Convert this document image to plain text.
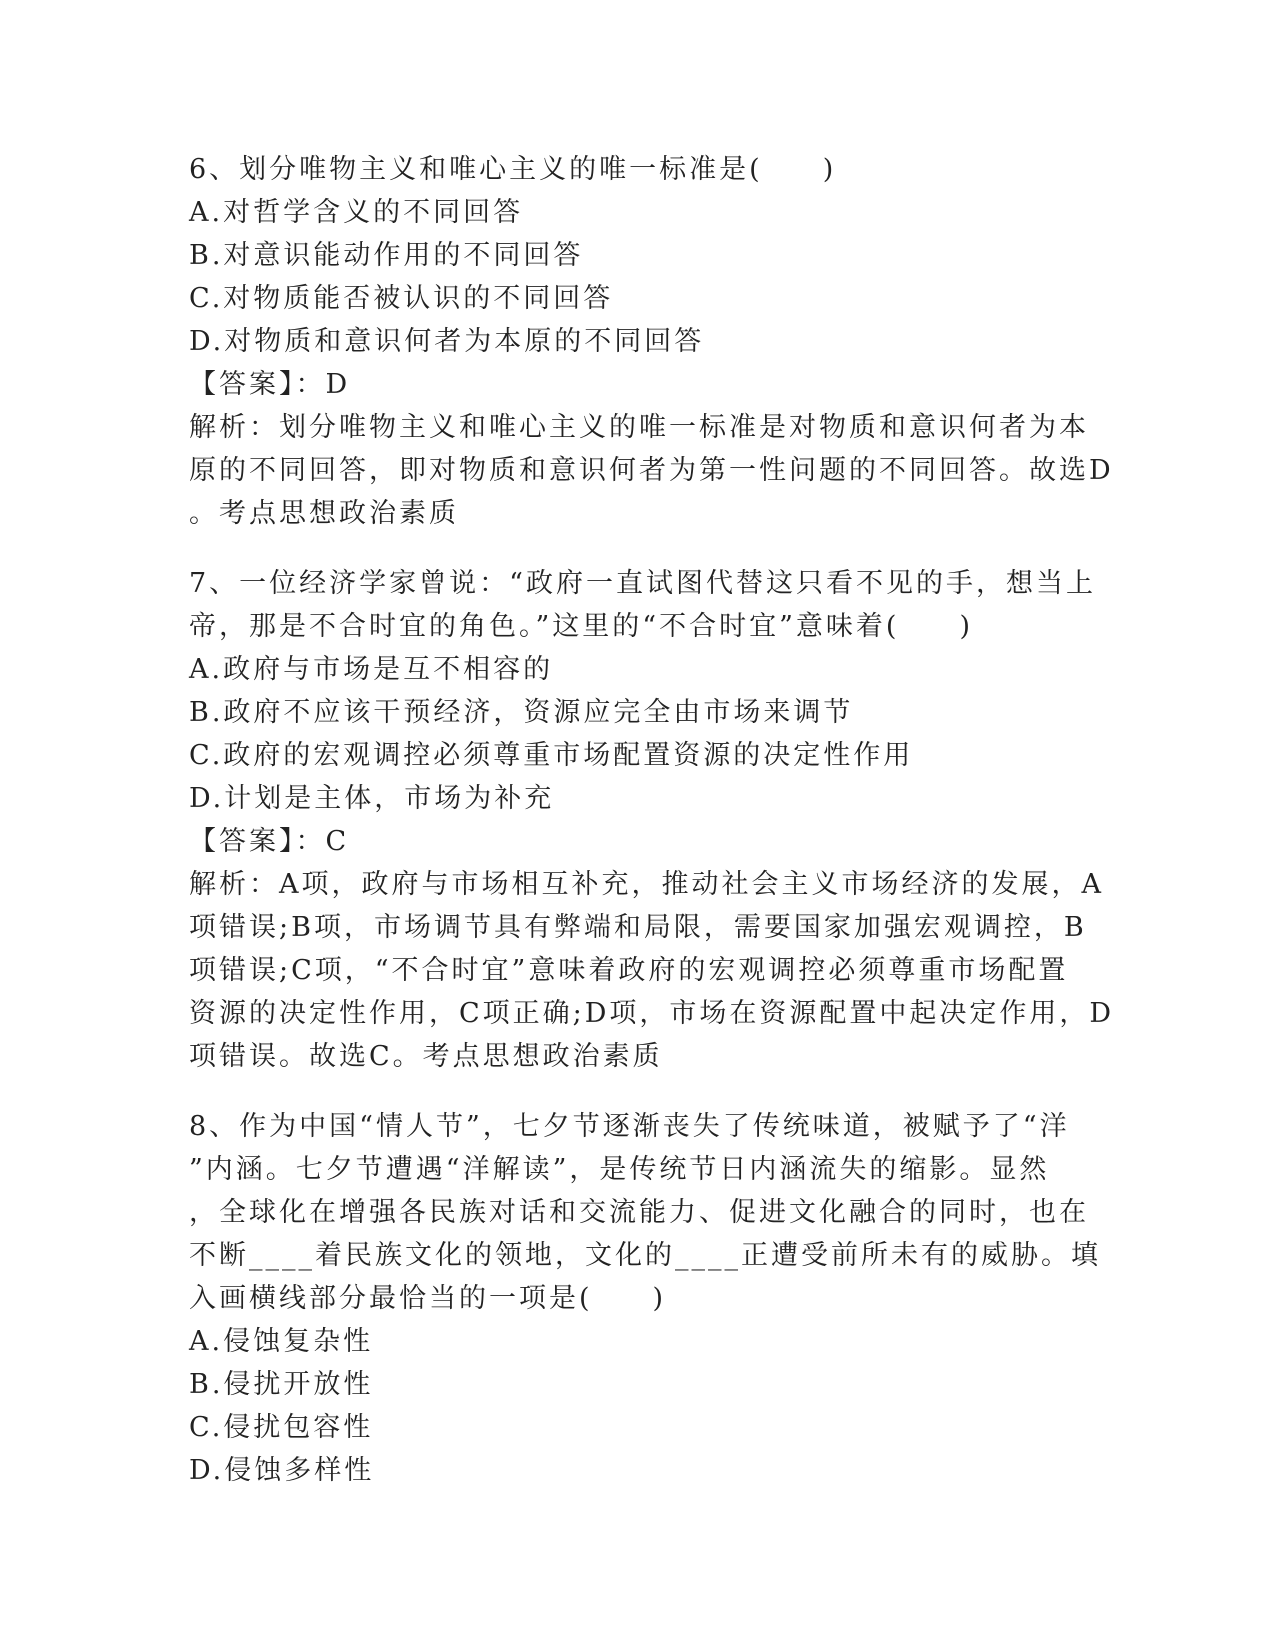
6、划分唯物主义和唯心主义的唯一标准是(　　)
A.对哲学含义的不同回答
B.对意识能动作用的不同回答
C.对物质能否被认识的不同回答
D.对物质和意识何者为本原的不同回答
【答案】：D
解析：划分唯物主义和唯心主义的唯一标准是对物质和意识何者为本
原的不同回答，即对物质和意识何者为第一性问题的不同回答。故选D
。考点思想政治素质
7、一位经济学家曾说：“政府一直试图代替这只看不见的手，想当上
帝，那是不合时宜的角色。”这里的“不合时宜”意味着(　　)
A.政府与市场是互不相容的
B.政府不应该干预经济，资源应完全由市场来调节
C.政府的宏观调控必须尊重市场配置资源的决定性作用
D.计划是主体，市场为补充
【答案】：C
解析：A项，政府与市场相互补充，推动社会主义市场经济的发展，A
项错误;B项，市场调节具有弊端和局限，需要国家加强宏观调控，B
项错误;C项，“不合时宜”意味着政府的宏观调控必须尊重市场配置
资源的决定性作用，C项正确;D项，市场在资源配置中起决定作用，D
项错误。故选C。考点思想政治素质
8、作为中国“情人节”，七夕节逐渐丧失了传统味道，被赋予了“洋
”内涵。七夕节遭遇“洋解读”，是传统节日内涵流失的缩影。显然
，全球化在增强各民族对话和交流能力、促进文化融合的同时，也在
不断____着民族文化的领地，文化的____正遭受前所未有的威胁。填
入画横线部分最恰当的一项是(　　)
A.侵蚀复杂性
B.侵扰开放性
C.侵扰包容性
D.侵蚀多样性
